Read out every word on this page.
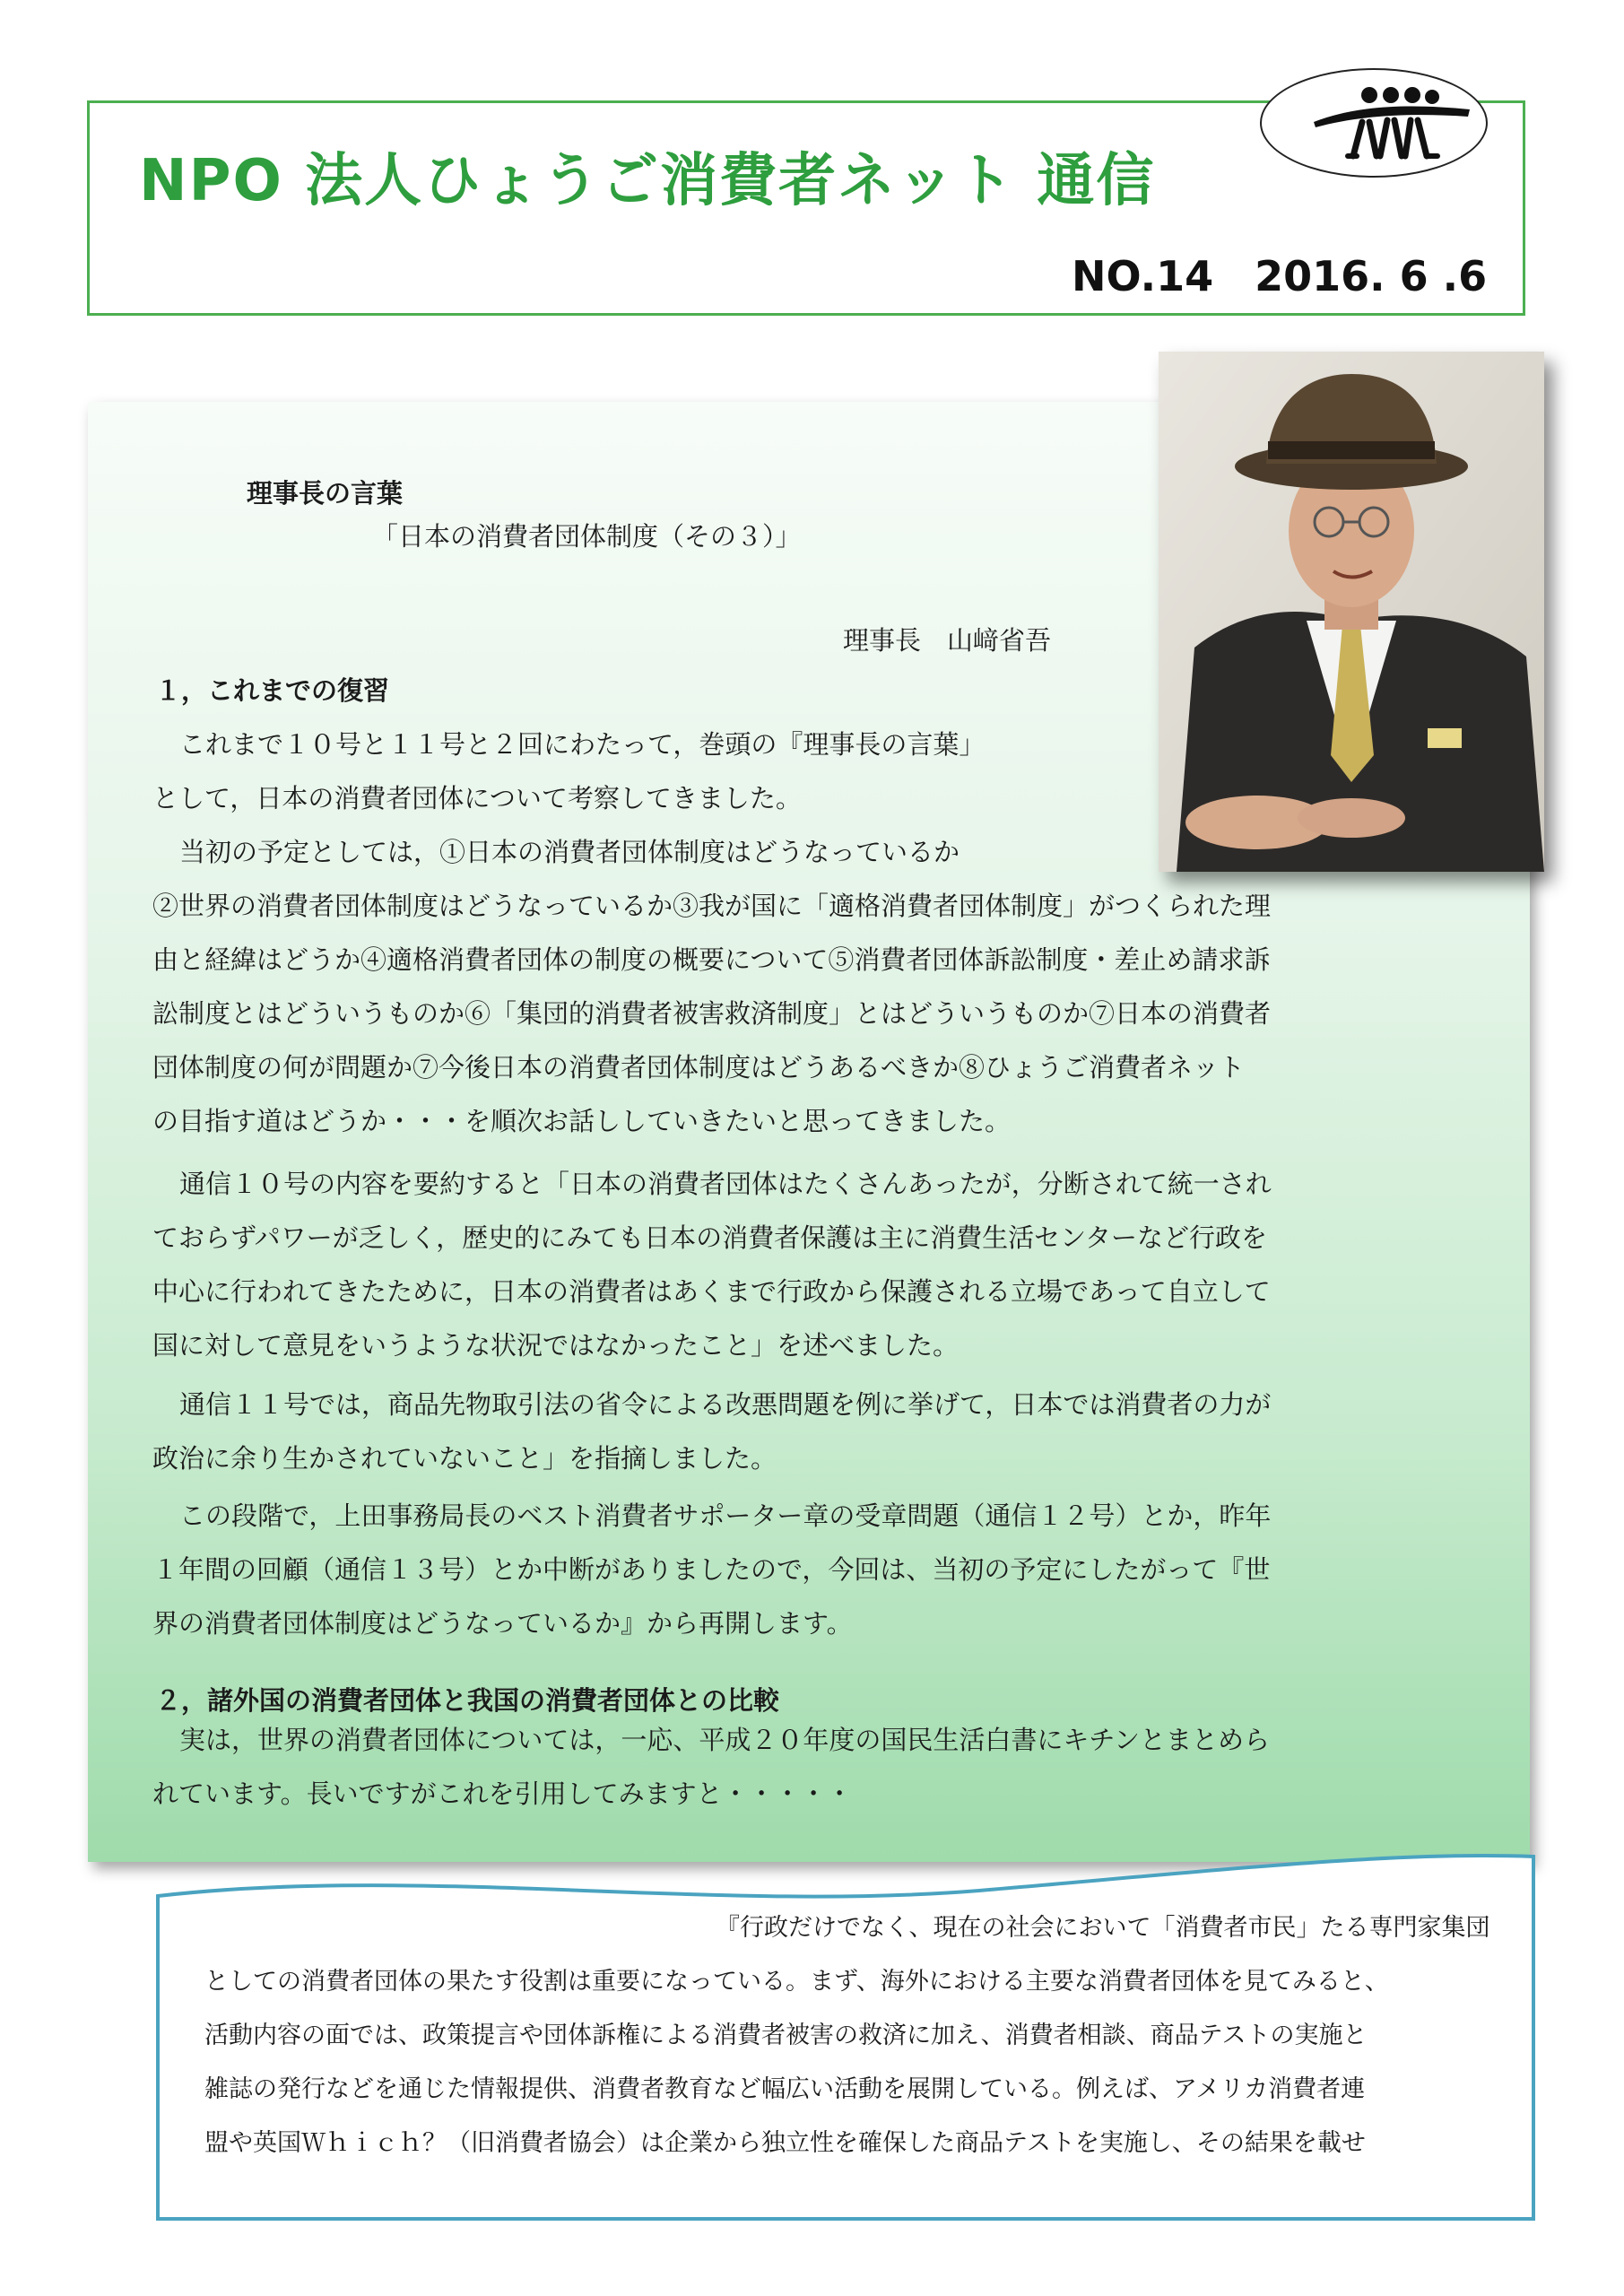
NPO 法人ひょうご消費者ネット 通信
NO.14　2016. 6 .6
理事長の言葉
「日本の消費者団体制度（その３）」
理事長　山﨑省吾
１，これまでの復習
これまで１０号と１１号と２回にわたって，巻頭の『理事長の言葉」
として，日本の消費者団体について考察してきました。
当初の予定としては，①日本の消費者団体制度はどうなっているか
②世界の消費者団体制度はどうなっているか③我が国に「適格消費者団体制度」がつくられた理
由と経緯はどうか④適格消費者団体の制度の概要について⑤消費者団体訴訟制度・差止め請求訴
訟制度とはどういうものか⑥「集団的消費者被害救済制度」とはどういうものか⑦日本の消費者
団体制度の何が問題か⑦今後日本の消費者団体制度はどうあるべきか⑧ひょうご消費者ネット
の目指す道はどうか・・・を順次お話ししていきたいと思ってきました。
通信１０号の内容を要約すると「日本の消費者団体はたくさんあったが，分断されて統一され
ておらずパワーが乏しく，歴史的にみても日本の消費者保護は主に消費生活センターなど行政を
中心に行われてきたために，日本の消費者はあくまで行政から保護される立場であって自立して
国に対して意見をいうような状況ではなかったこと」を述べました。
通信１１号では，商品先物取引法の省令による改悪問題を例に挙げて，日本では消費者の力が
政治に余り生かされていないこと」を指摘しました。
この段階で，上田事務局長のベスト消費者サポーター章の受章問題（通信１２号）とか，昨年
１年間の回顧（通信１３号）とか中断がありましたので，今回は、当初の予定にしたがって『世
界の消費者団体制度はどうなっているか』から再開します。
２，諸外国の消費者団体と我国の消費者団体との比較
実は，世界の消費者団体については，一応、平成２０年度の国民生活白書にキチンとまとめら
れています。長いですがこれを引用してみますと・・・・・
『行政だけでなく、現在の社会において「消費者市民」たる専門家集団
としての消費者団体の果たす役割は重要になっている。まず、海外における主要な消費者団体を見てみると、
活動内容の面では、政策提言や団体訴権による消費者被害の救済に加え、消費者相談、商品テストの実施と
雑誌の発行などを通じた情報提供、消費者教育など幅広い活動を展開している。例えば、アメリカ消費者連
盟や英国Ｗｈｉｃｈ？（旧消費者協会）は企業から独立性を確保した商品テストを実施し、その結果を載せ
